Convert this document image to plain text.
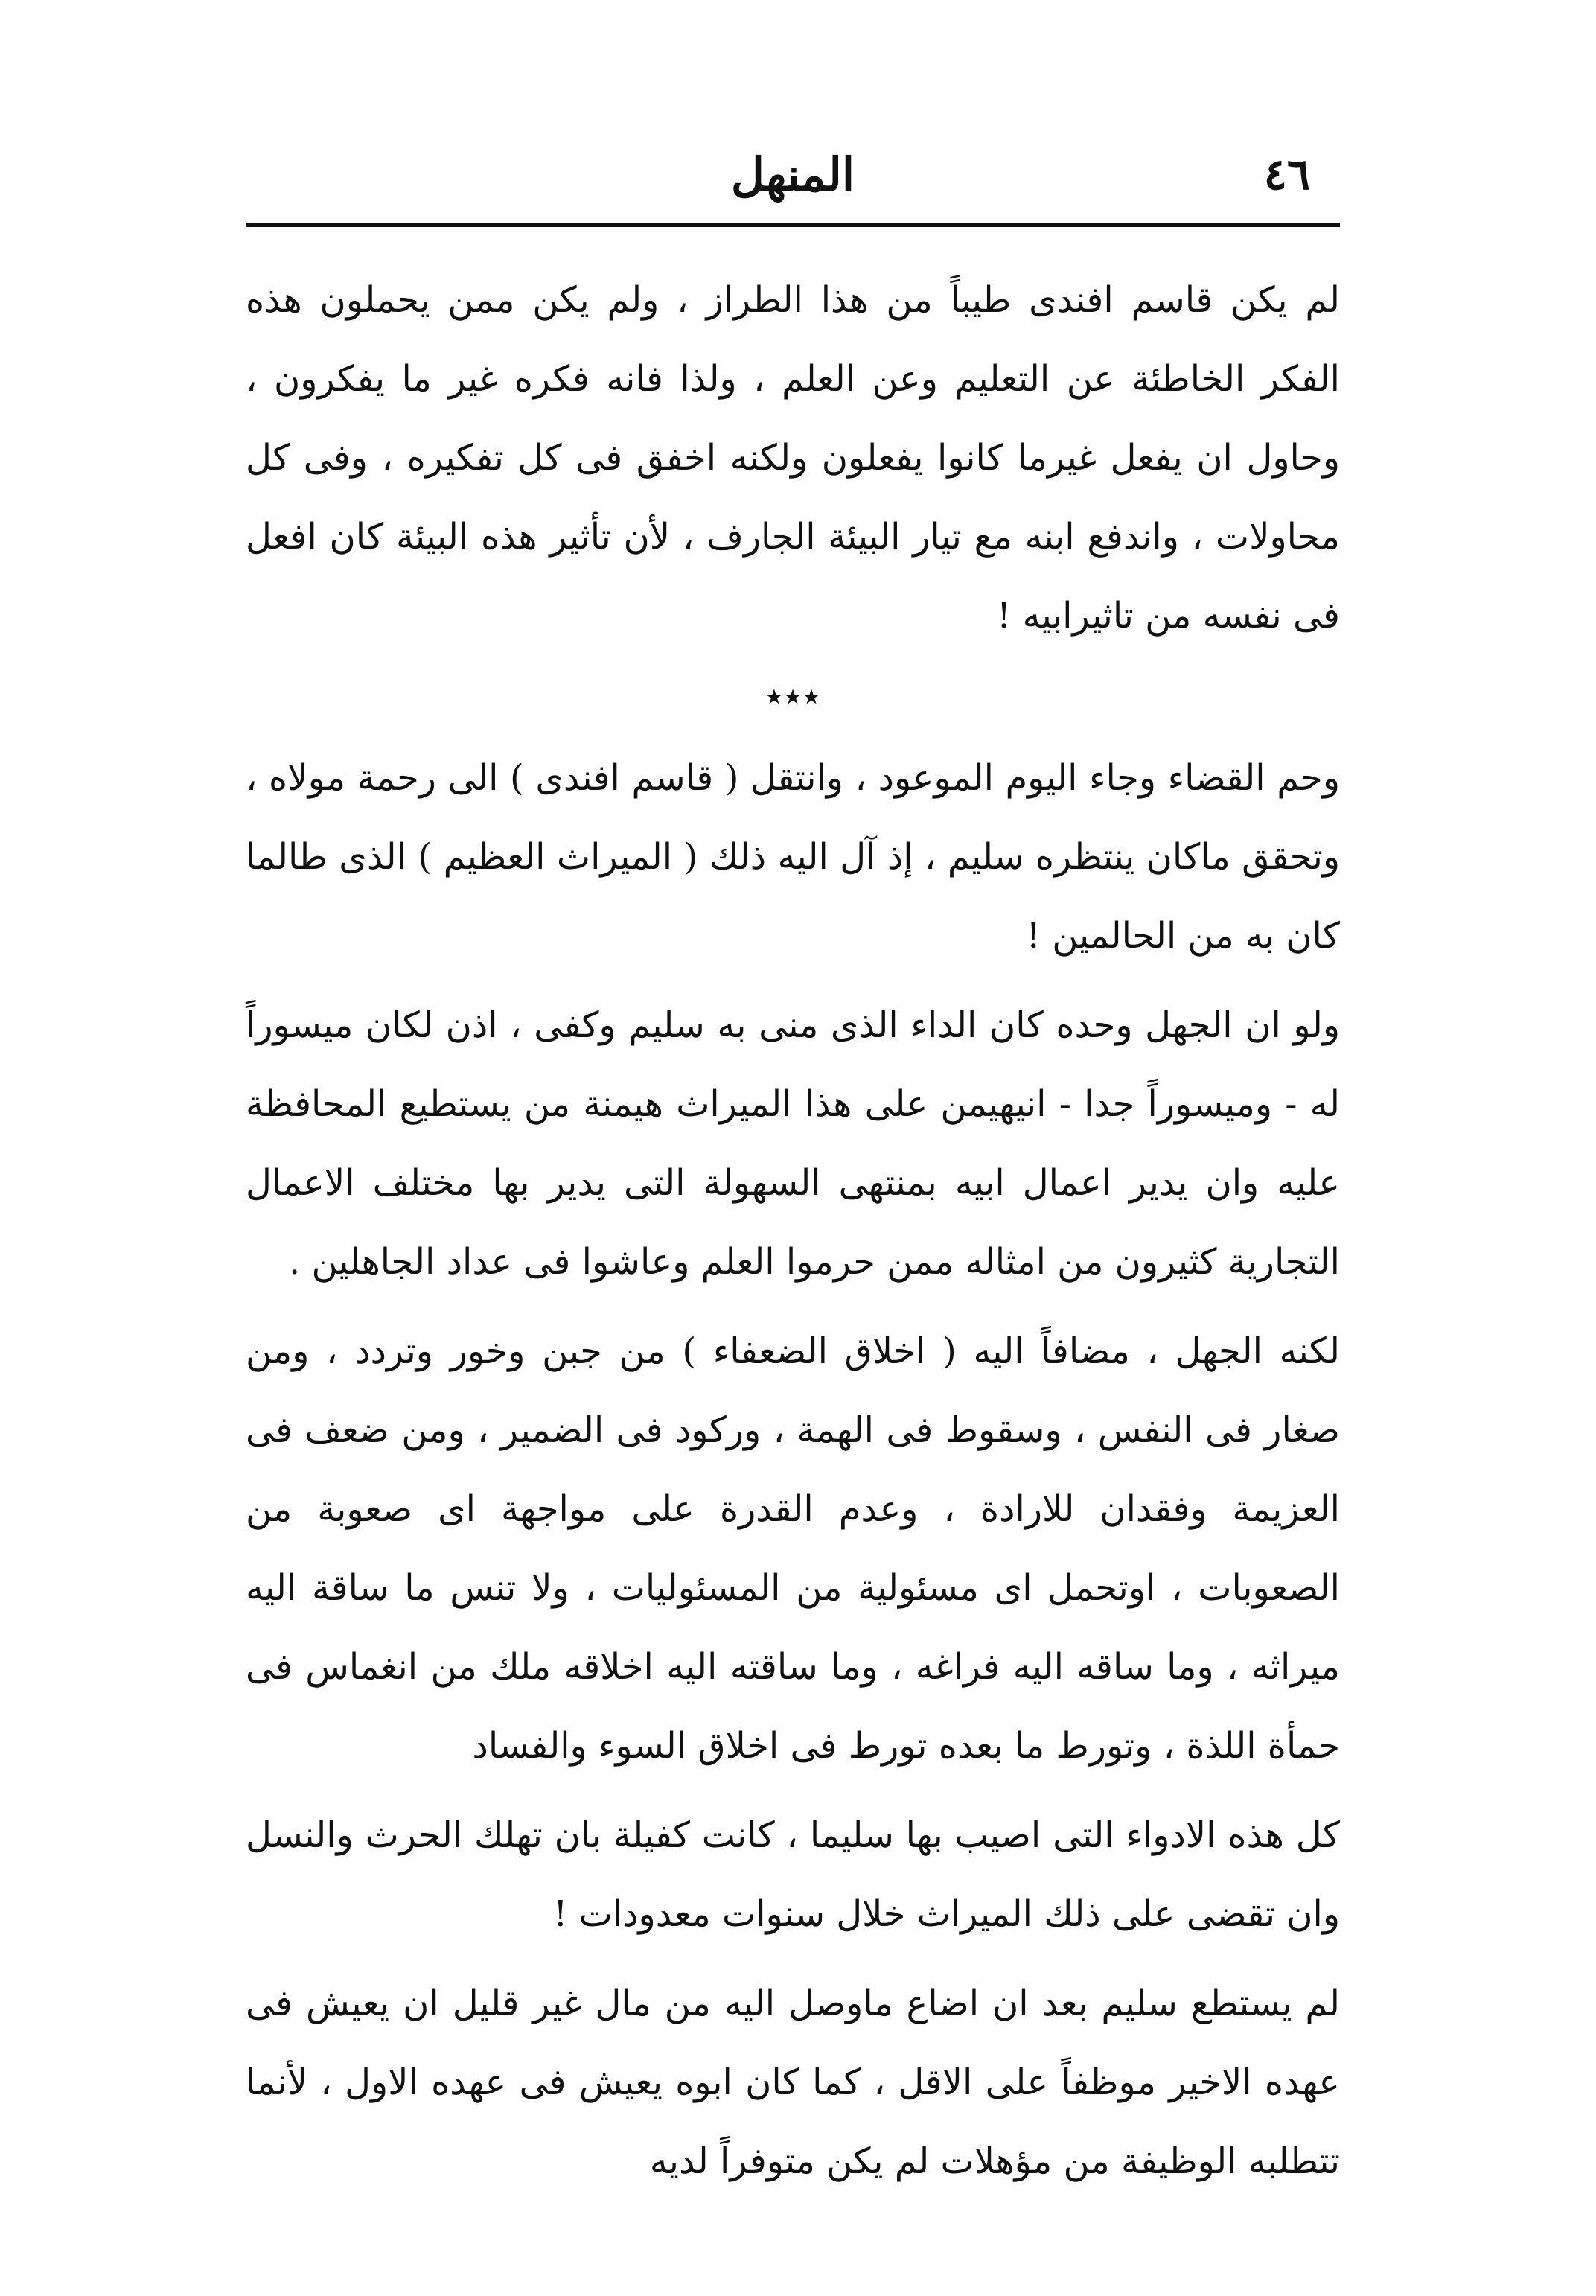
٤٦
المنهل

لم يكن قاسم افندى طيباً من هذا الطراز ، ولم يكن ممن يحملون هذه الفكر الخاطئة عن التعليم وعن العلم ، ولذا فانه فكره غير ما يفكرون ، وحاول ان يفعل غيرما كانوا يفعلون ولكنه اخفق فى كل تفكيره ، وفى كل محاولات ، واندفع ابنه مع تيار البيئة الجارف ، لأن تأثير هذه البيئة كان افعل فى نفسه من تاثيرابيه !

٭٭٭

وحم القضاء وجاء اليوم الموعود ، وانتقل ( قاسم افندى ) الى رحمة مولاه ، وتحقق ماكان ينتظره سليم ، إذ آل اليه ذلك ( الميراث العظيم ) الذى طالما كان به من الحالمين !

ولو ان الجهل وحده كان الداء الذى منى به سليم وكفى ، اذن لكان ميسوراً له - وميسوراً جدا - انيهيمن على هذا الميراث هيمنة من يستطيع المحافظة عليه وان يدير اعمال ابيه بمنتهى السهولة التى يدير بها مختلف الاعمال التجارية كثيرون من امثاله ممن حرموا العلم وعاشوا فى عداد الجاهلين .

لكنه الجهل ، مضافاً اليه ( اخلاق الضعفاء ) من جبن وخور وتردد ، ومن صغار فى النفس ، وسقوط فى الهمة ، وركود فى الضمير ، ومن ضعف فى العزيمة وفقدان للارادة ، وعدم القدرة على مواجهة اى صعوبة من الصعوبات ، اوتحمل اى مسئولية من المسئوليات ، ولا تنس ما ساقة اليه ميراثه ، وما ساقه اليه فراغه ، وما ساقته اليه اخلاقه ملك من انغماس فى حمأة اللذة ، وتورط ما بعده تورط فى اخلاق السوء والفساد

كل هذه الادواء التى اصيب بها سليما ، كانت كفيلة بان تهلك الحرث والنسل وان تقضى على ذلك الميراث خلال سنوات معدودات !

لم يستطع سليم بعد ان اضاع ماوصل اليه من مال غير قليل ان يعيش فى عهده الاخير موظفاً على الاقل ، كما كان ابوه يعيش فى عهده الاول ، لأنما تتطلبه الوظيفة من مؤهلات لم يكن متوفراً لديه
